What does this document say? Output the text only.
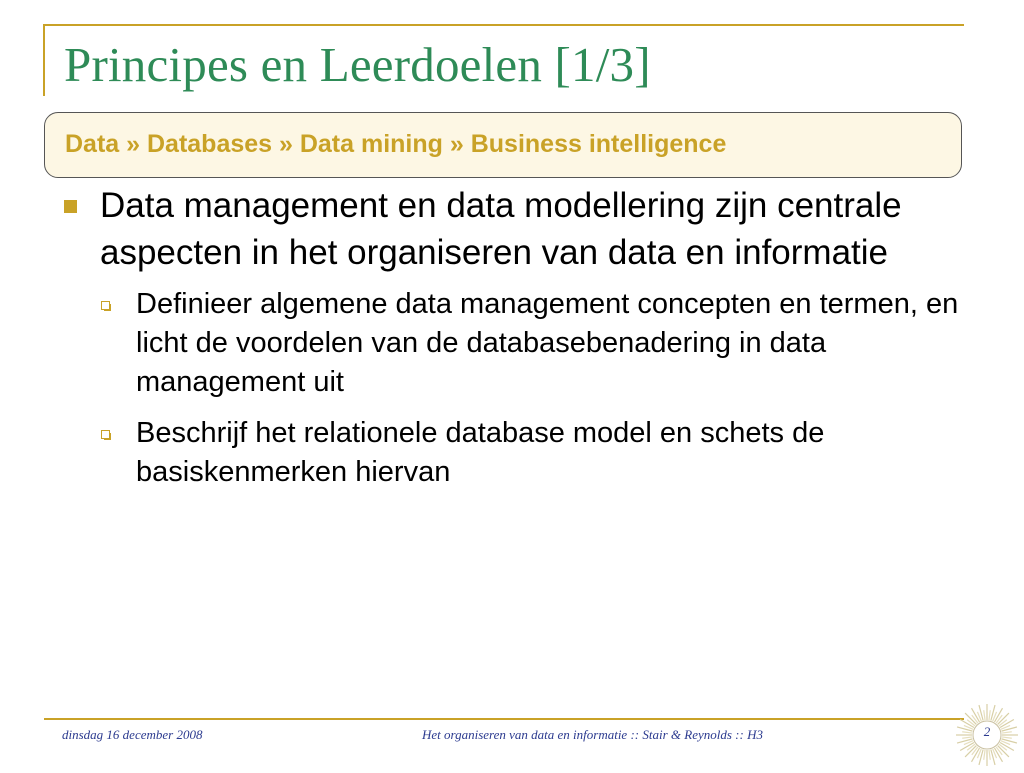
Principes en Leerdoelen [1/3]
Data » Databases » Data mining » Business intelligence
Data management en data modellering zijn centrale aspecten in het organiseren van data en informatie
Definieer algemene data management concepten en termen, en licht de voordelen van de databasebenadering in data management uit
Beschrijf het relationele database model en schets de basiskenmerken hiervan
dinsdag 16 december 2008	Het organiseren van data en informatie :: Stair & Reynolds :: H3	2
